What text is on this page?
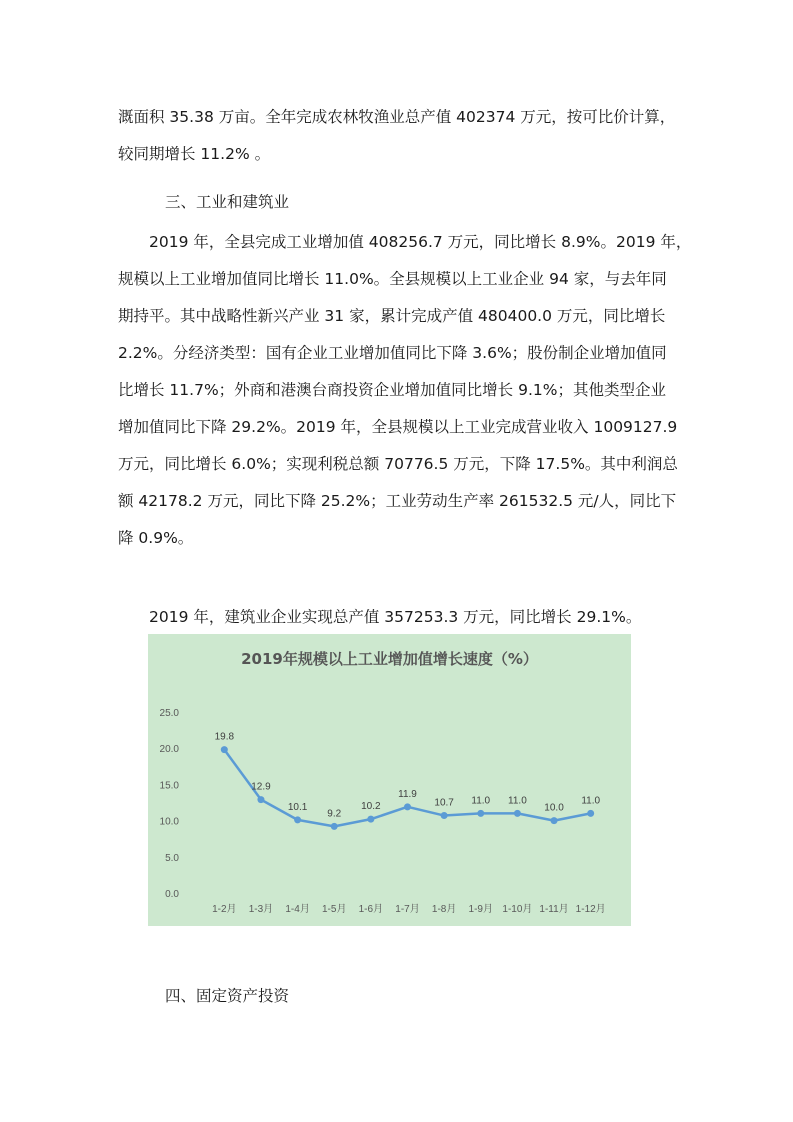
溉面积 35.38 万亩。全年完成农林牧渔业总产值 402374 万元，按可比价计算，
较同期增长 11.2% 。
三、工业和建筑业
　　2019 年，全县完成工业增加值 408256.7 万元，同比增长 8.9%。2019 年，
规模以上工业增加值同比增长 11.0%。全县规模以上工业企业 94 家，与去年同
期持平。其中战略性新兴产业 31 家，累计完成产值 480400.0 万元，同比增长
2.2%。分经济类型：国有企业工业增加值同比下降 3.6%；股份制企业增加值同
比增长 11.7%；外商和港澳台商投资企业增加值同比增长 9.1%；其他类型企业
增加值同比下降 29.2%。2019 年，全县规模以上工业完成营业收入 1009127.9
万元，同比增长 6.0%；实现利税总额 70776.5 万元，下降 17.5%。其中利润总
额 42178.2 万元，同比下降 25.2%；工业劳动生产率 261532.5 元/人，同比下
降 0.9%。
　　2019 年，建筑业企业实现总产值 357253.3 万元，同比增长 29.1%。
2019年规模以上工业增加值增长速度（%）
0.0
5.0
10.0
15.0
20.0
25.0
1-2月 1-3月 1-4月 1-5月 1-6月 1-7月 1-8月 1-9月 1-10月 1-11月 1-12月
19.8
12.9
10.1
9.2
10.2
11.9
10.7 11.0 11.0
10.0
11.0
四、固定资产投资
